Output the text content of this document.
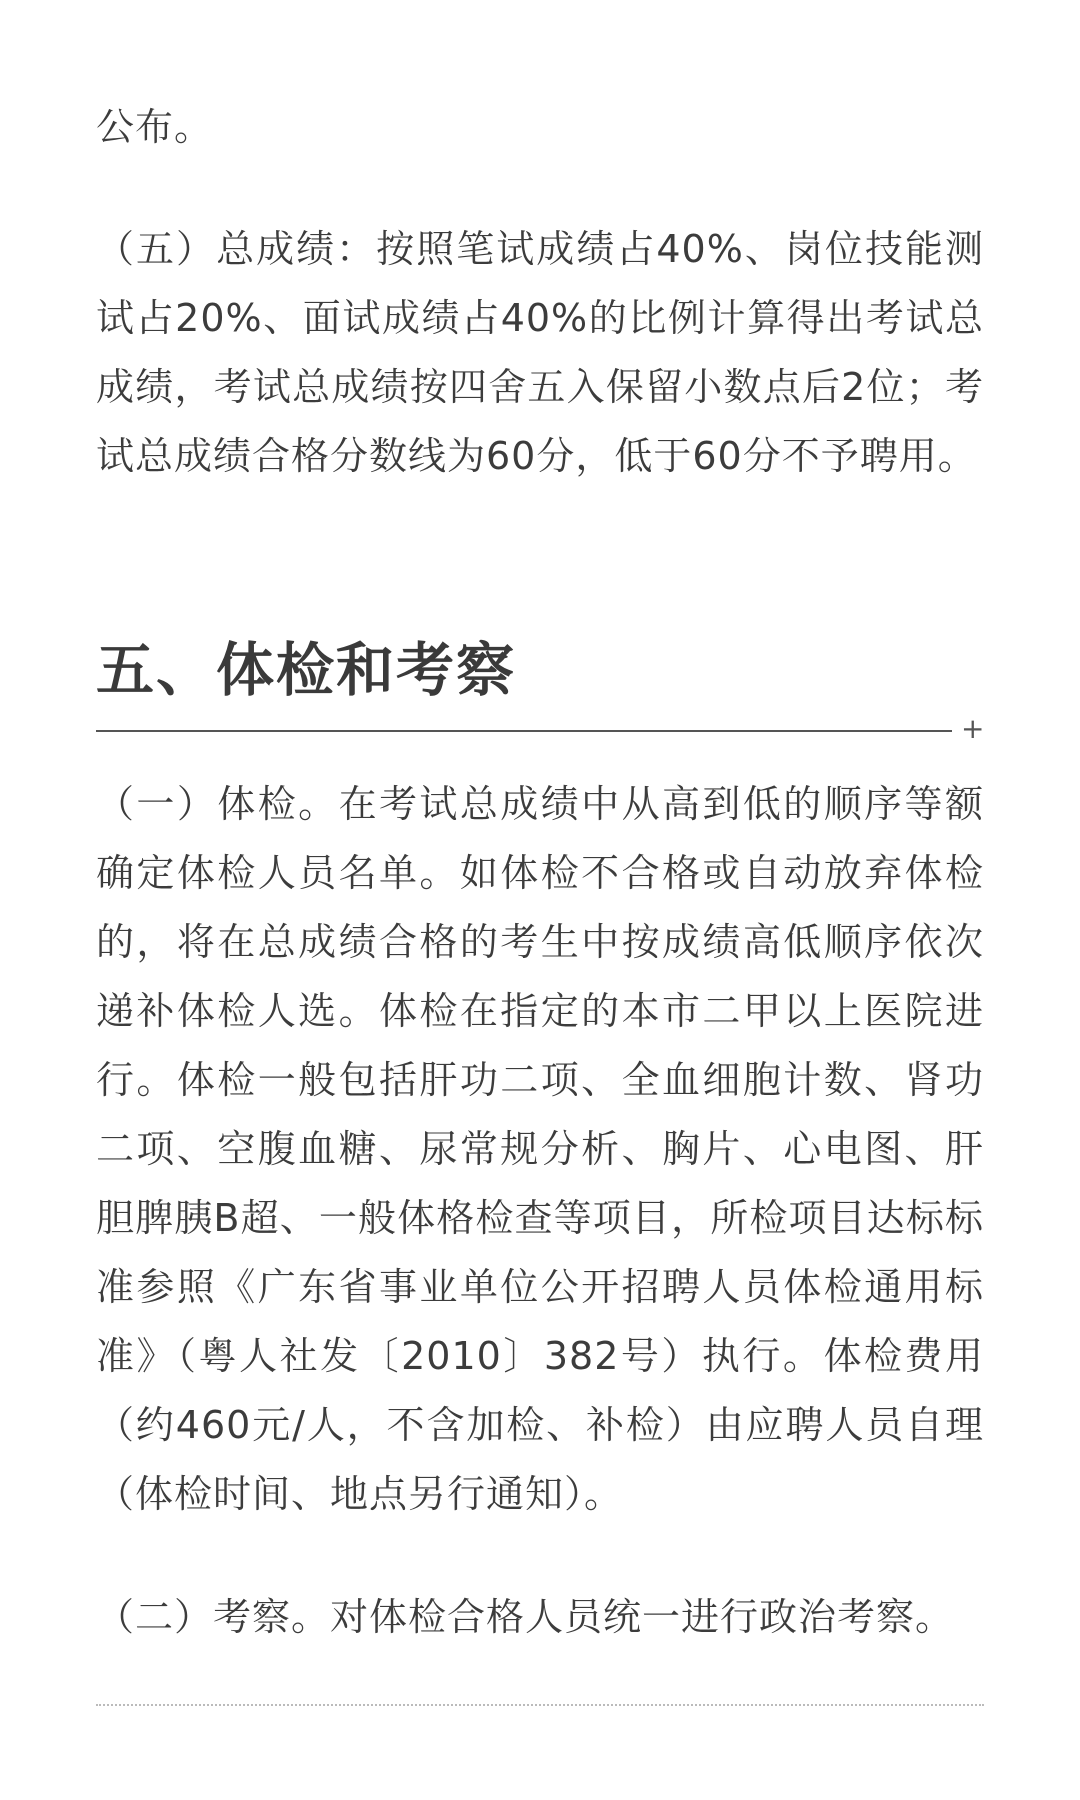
公布。

（五）总成绩：按照笔试成绩占40%、岗位技能测试占20%、面试成绩占40%的比例计算得出考试总成绩，考试总成绩按四舍五入保留小数点后2位；考试总成绩合格分数线为60分，低于60分不予聘用。

五、体检和考察
+

（一）体检。在考试总成绩中从高到低的顺序等额确定体检人员名单。如体检不合格或自动放弃体检的，将在总成绩合格的考生中按成绩高低顺序依次递补体检人选。体检在指定的本市二甲以上医院进行。体检一般包括肝功二项、全血细胞计数、肾功二项、空腹血糖、尿常规分析、胸片、心电图、肝胆脾胰B超、一般体格检查等项目，所检项目达标标准参照《广东省事业单位公开招聘人员体检通用标准》（粤人社发〔2010〕382号）执行。体检费用（约460元/人，不含加检、补检）由应聘人员自理（体检时间、地点另行通知）。

（二）考察。对体检合格人员统一进行政治考察。
